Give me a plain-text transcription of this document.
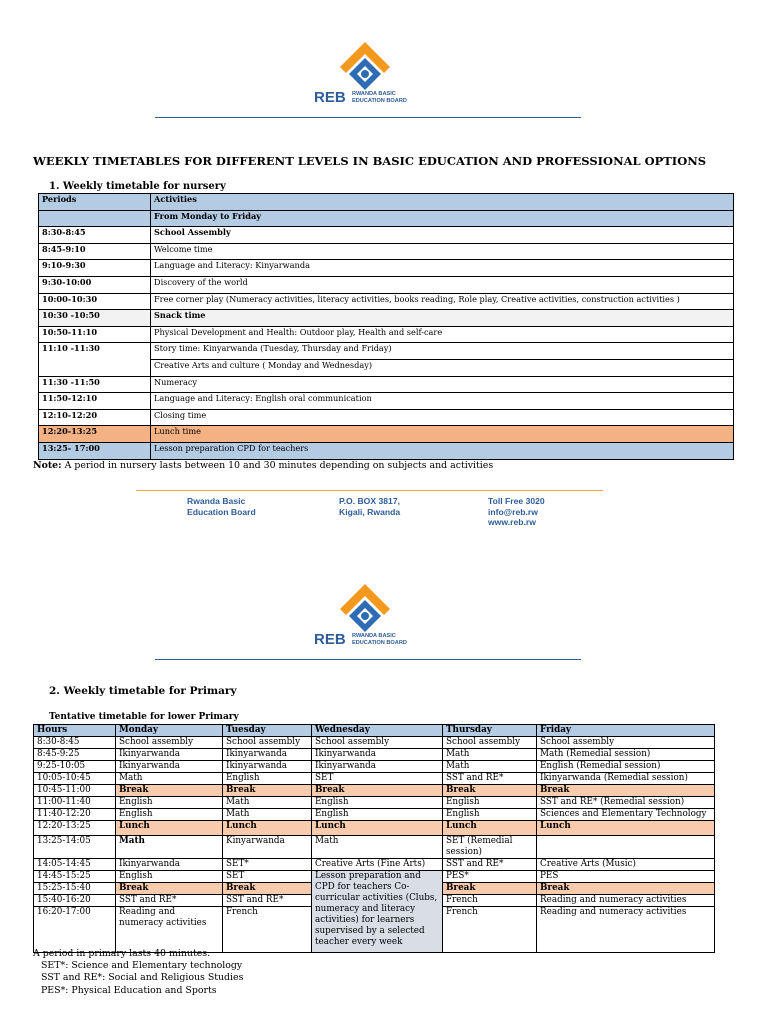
REB RWANDA BASIC
EDUCATION BOARD
WEEKLY TIMETABLES FOR DIFFERENT LEVELS IN BASIC EDUCATION AND PROFESSIONAL OPTIONS
1. Weekly timetable for nursery
Periods	Activities
	From Monday to Friday
8:30-8:45	School Assembly
8:45-9:10	Welcome time
9:10-9:30	Language and Literacy: Kinyarwanda
9:30-10:00	Discovery of the world
10:00-10:30	Free corner play (Numeracy activities, literacy activities, books reading, Role play, Creative activities, construction activities )
10:30 -10:50	Snack time
10:50-11:10	Physical Development and Health: Outdoor play, Health and self-care
11:10 -11:30	Story time: Kinyarwanda (Tuesday, Thursday and Friday)
	Creative Arts and culture ( Monday and Wednesday)
11:30 -11:50	Numeracy
11:50-12:10	Language and Literacy: English oral communication
12:10-12:20	Closing time
12:20-13:25	Lunch time
13:25- 17:00	Lesson preparation CPD for teachers
Note: A period in nursery lasts between 10 and 30 minutes depending on subjects and activities
Rwanda Basic
Education Board
P.O. BOX 3817,
Kigali, Rwanda
Toll Free 3020
info@reb.rw
www.reb.rw
REB RWANDA BASIC
EDUCATION BOARD
2. Weekly timetable for Primary
Tentative timetable for lower Primary
Hours	Monday	Tuesday	Wednesday	Thursday	Friday
8:30-8:45	School assembly	School assembly	School assembly	School assembly	School assembly
8:45-9:25	Ikinyarwanda	Ikinyarwanda	Ikinyarwanda	Math	Math (Remedial session)
9:25-10:05	Ikinyarwanda	Ikinyarwanda	Ikinyarwanda	Math	English (Remedial session)
10:05-10:45	Math	English	SET	SST and RE*	Ikinyarwanda (Remedial session)
10:45-11:00	Break	Break	Break	Break	Break
11:00-11:40	English	Math	English	English	SST and RE* (Remedial session)
11:40-12:20	English	Math	English	English	Sciences and Elementary Technology
12:20-13:25	Lunch	Lunch	Lunch	Lunch	Lunch
13:25-14:05	Math	Kinyarwanda	Math	SET (Remedial session)	
14:05-14:45	Ikinyarwanda	SET*	Creative Arts (Fine Arts)	SST and RE*	Creative Arts (Music)
14:45-15:25	English	SET	Lesson preparation and CPD for teachers Co-curricular activities (Clubs, numeracy and literacy activities) for learners supervised by a selected teacher every week	PES*	PES
15:25-15:40	Break	Break		Break	Break
15:40-16:20	SST and RE*	SST and RE*		French	Reading and numeracy activities
16:20-17:00	Reading and numeracy activities	French		French	Reading and numeracy activities
A period in primary lasts 40 minutes.
SET*: Science and Elementary technology
SST and RE*: Social and Religious Studies
PES*: Physical Education and Sports
